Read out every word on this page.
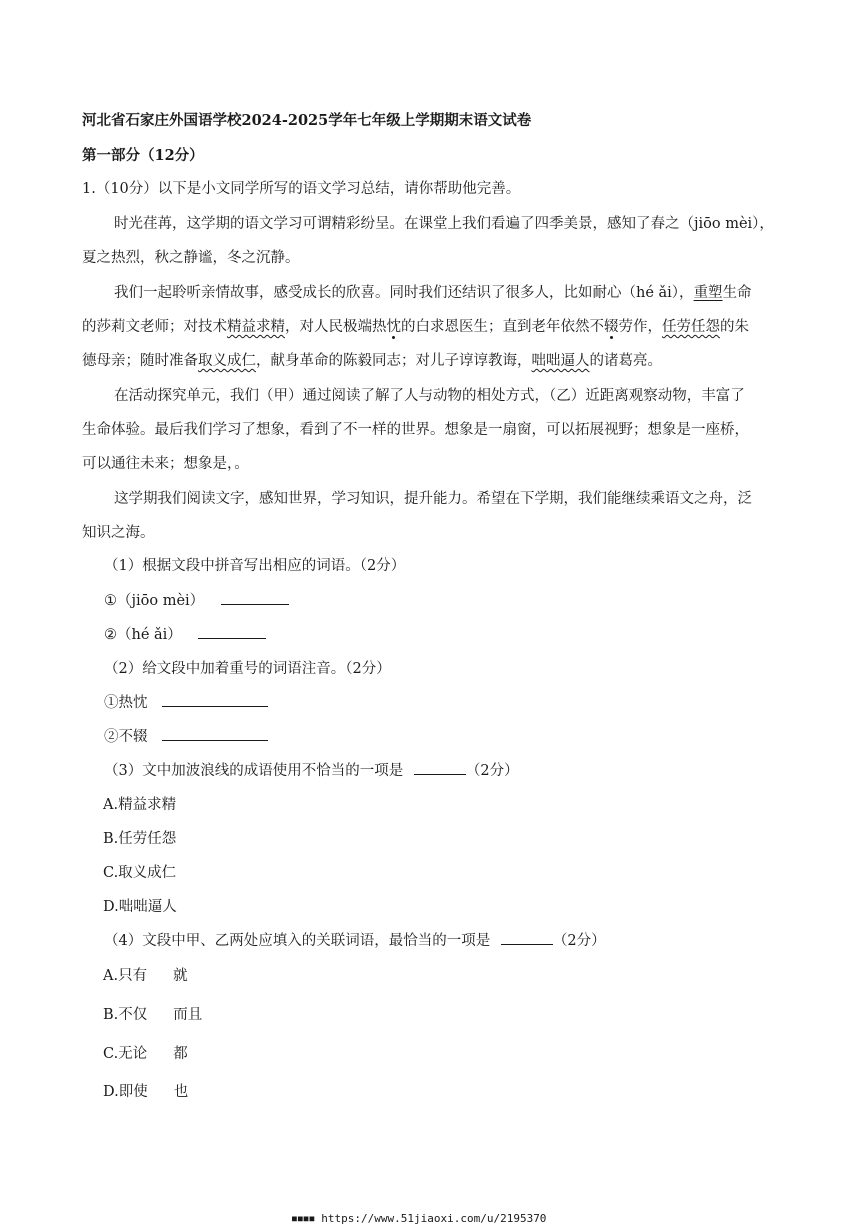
河北省石家庄外国语学校2024-2025学年七年级上学期期末语文试卷
第一部分（12分）
1.（10分）以下是小文同学所写的语文学习总结，请你帮助他完善。
时光荏苒，这学期的语文学习可谓精彩纷呈。在课堂上我们看遍了四季美景，感知了春之（jiōo mèi），
夏之热烈，秋之静谧，冬之沉静。
我们一起聆听亲情故事，感受成长的欣喜。同时我们还结识了很多人，比如耐心（hé ǎi），重塑生命
的莎莉文老师；对技术精益求精，对人民极端热忱的白求恩医生；直到老年依然不辍劳作，任劳任怨的朱
德母亲；随时准备取义成仁，献身革命的陈毅同志；对儿子谆谆教诲，咄咄逼人的诸葛亮。
在活动探究单元，我们（甲）通过阅读了解了人与动物的相处方式，（乙）近距离观察动物，丰富了
生命体验。最后我们学习了想象，看到了不一样的世界。想象是一扇窗，可以拓展视野；想象是一座桥，
可以通往未来；想象是，。
这学期我们阅读文字，感知世界，学习知识，提升能力。希望在下学期，我们能继续乘语文之舟，泛
知识之海。
（1）根据文段中拼音写出相应的词语。（2分）
①（jiōo mèi）
②（hé ǎi）
（2）给文段中加着重号的词语注音。（2分）
①热忱
②不辍
（3）文中加波浪线的成语使用不恰当的一项是	（2分）
A.精益求精
B.任劳任怨
C.取义成仁
D.咄咄逼人
（4）文段中甲、乙两处应填入的关联词语，最恰当的一项是	（2分）
A.只有 就
B.不仅 而且
C.无论 都
D.即使 也
■■■■ https://www.51jiaoxi.com/u/2195370
